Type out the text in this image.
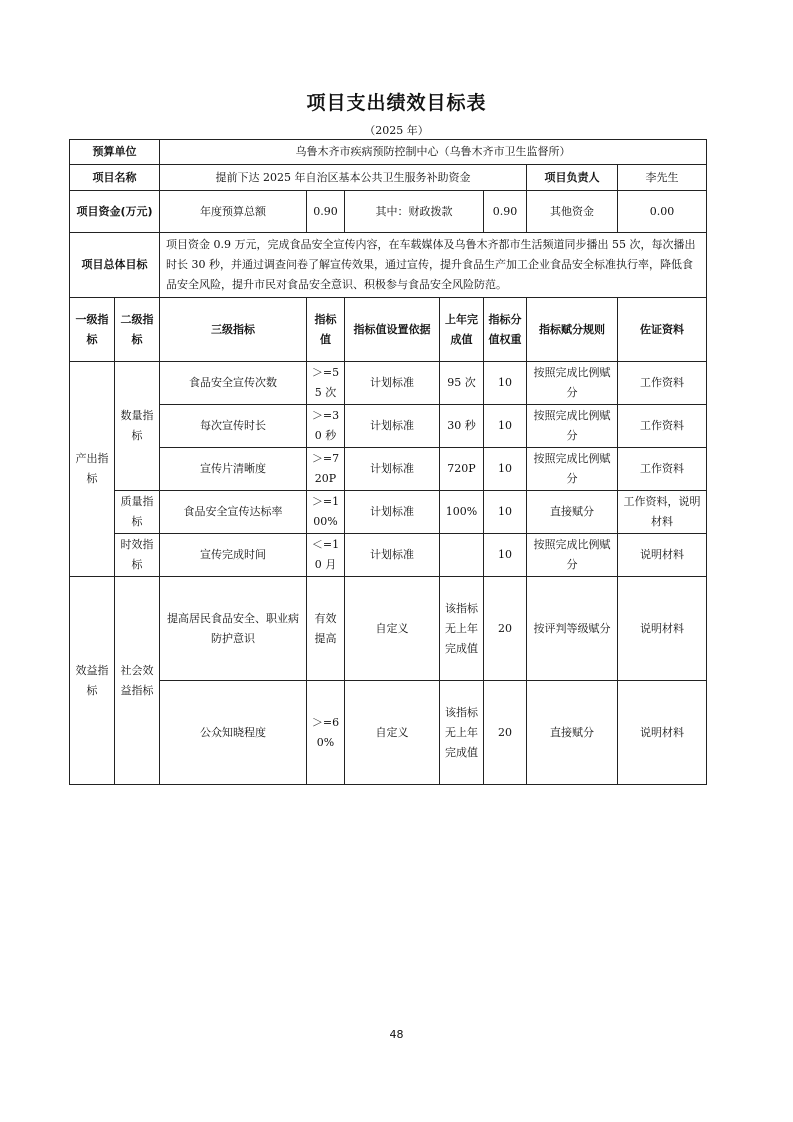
项目支出绩效目标表
（2025 年）
预算单位		乌鲁木齐市疾病预防控制中心（乌鲁木齐市卫生监督所）						
项目名称		提前下达 2025 年自治区基本公共卫生服务补助资金					项目负责人	李先生
项目资金(万元)		年度预算总额	0.90	其中：财政拨款		0.90	其他资金	0.00
项目总体目标		项目资金 0.9 万元，完成食品安全宣传内容，在车载媒体及乌鲁木齐都市生活频道同步播出 55 次，每次播出时长 30 秒，并通过调查问卷了解宣传效果，通过宣传，提升食品生产加工企业食品安全标准执行率，降低食品安全风险，提升市民对食品安全意识、积极参与食品安全风险防范。						
一级指标	二级指标	三级指标	指标值	指标值设置依据	上年完成值	指标分值权重	指标赋分规则	佐证资料
产出指标	数量指标	食品安全宣传次数	＞=55 次	计划标准	95 次	10	按照完成比例赋分	工作资料
		每次宣传时长	＞=30 秒	计划标准	30 秒	10	按照完成比例赋分	工作资料
		宣传片清晰度	＞=720P	计划标准	720P	10	按照完成比例赋分	工作资料
	质量指标	食品安全宣传达标率	＞=100%	计划标准	100%	10	直接赋分	工作资料，说明材料
	时效指标	宣传完成时间	＜=10 月	计划标准		10	按照完成比例赋分	说明材料
效益指标	社会效益指标	提高居民食品安全、职业病防护意识	有效提高	自定义	该指标无上年完成值	20	按评判等级赋分	说明材料
		公众知晓程度	＞=60%	自定义	该指标无上年完成值	20	直接赋分	说明材料
48
